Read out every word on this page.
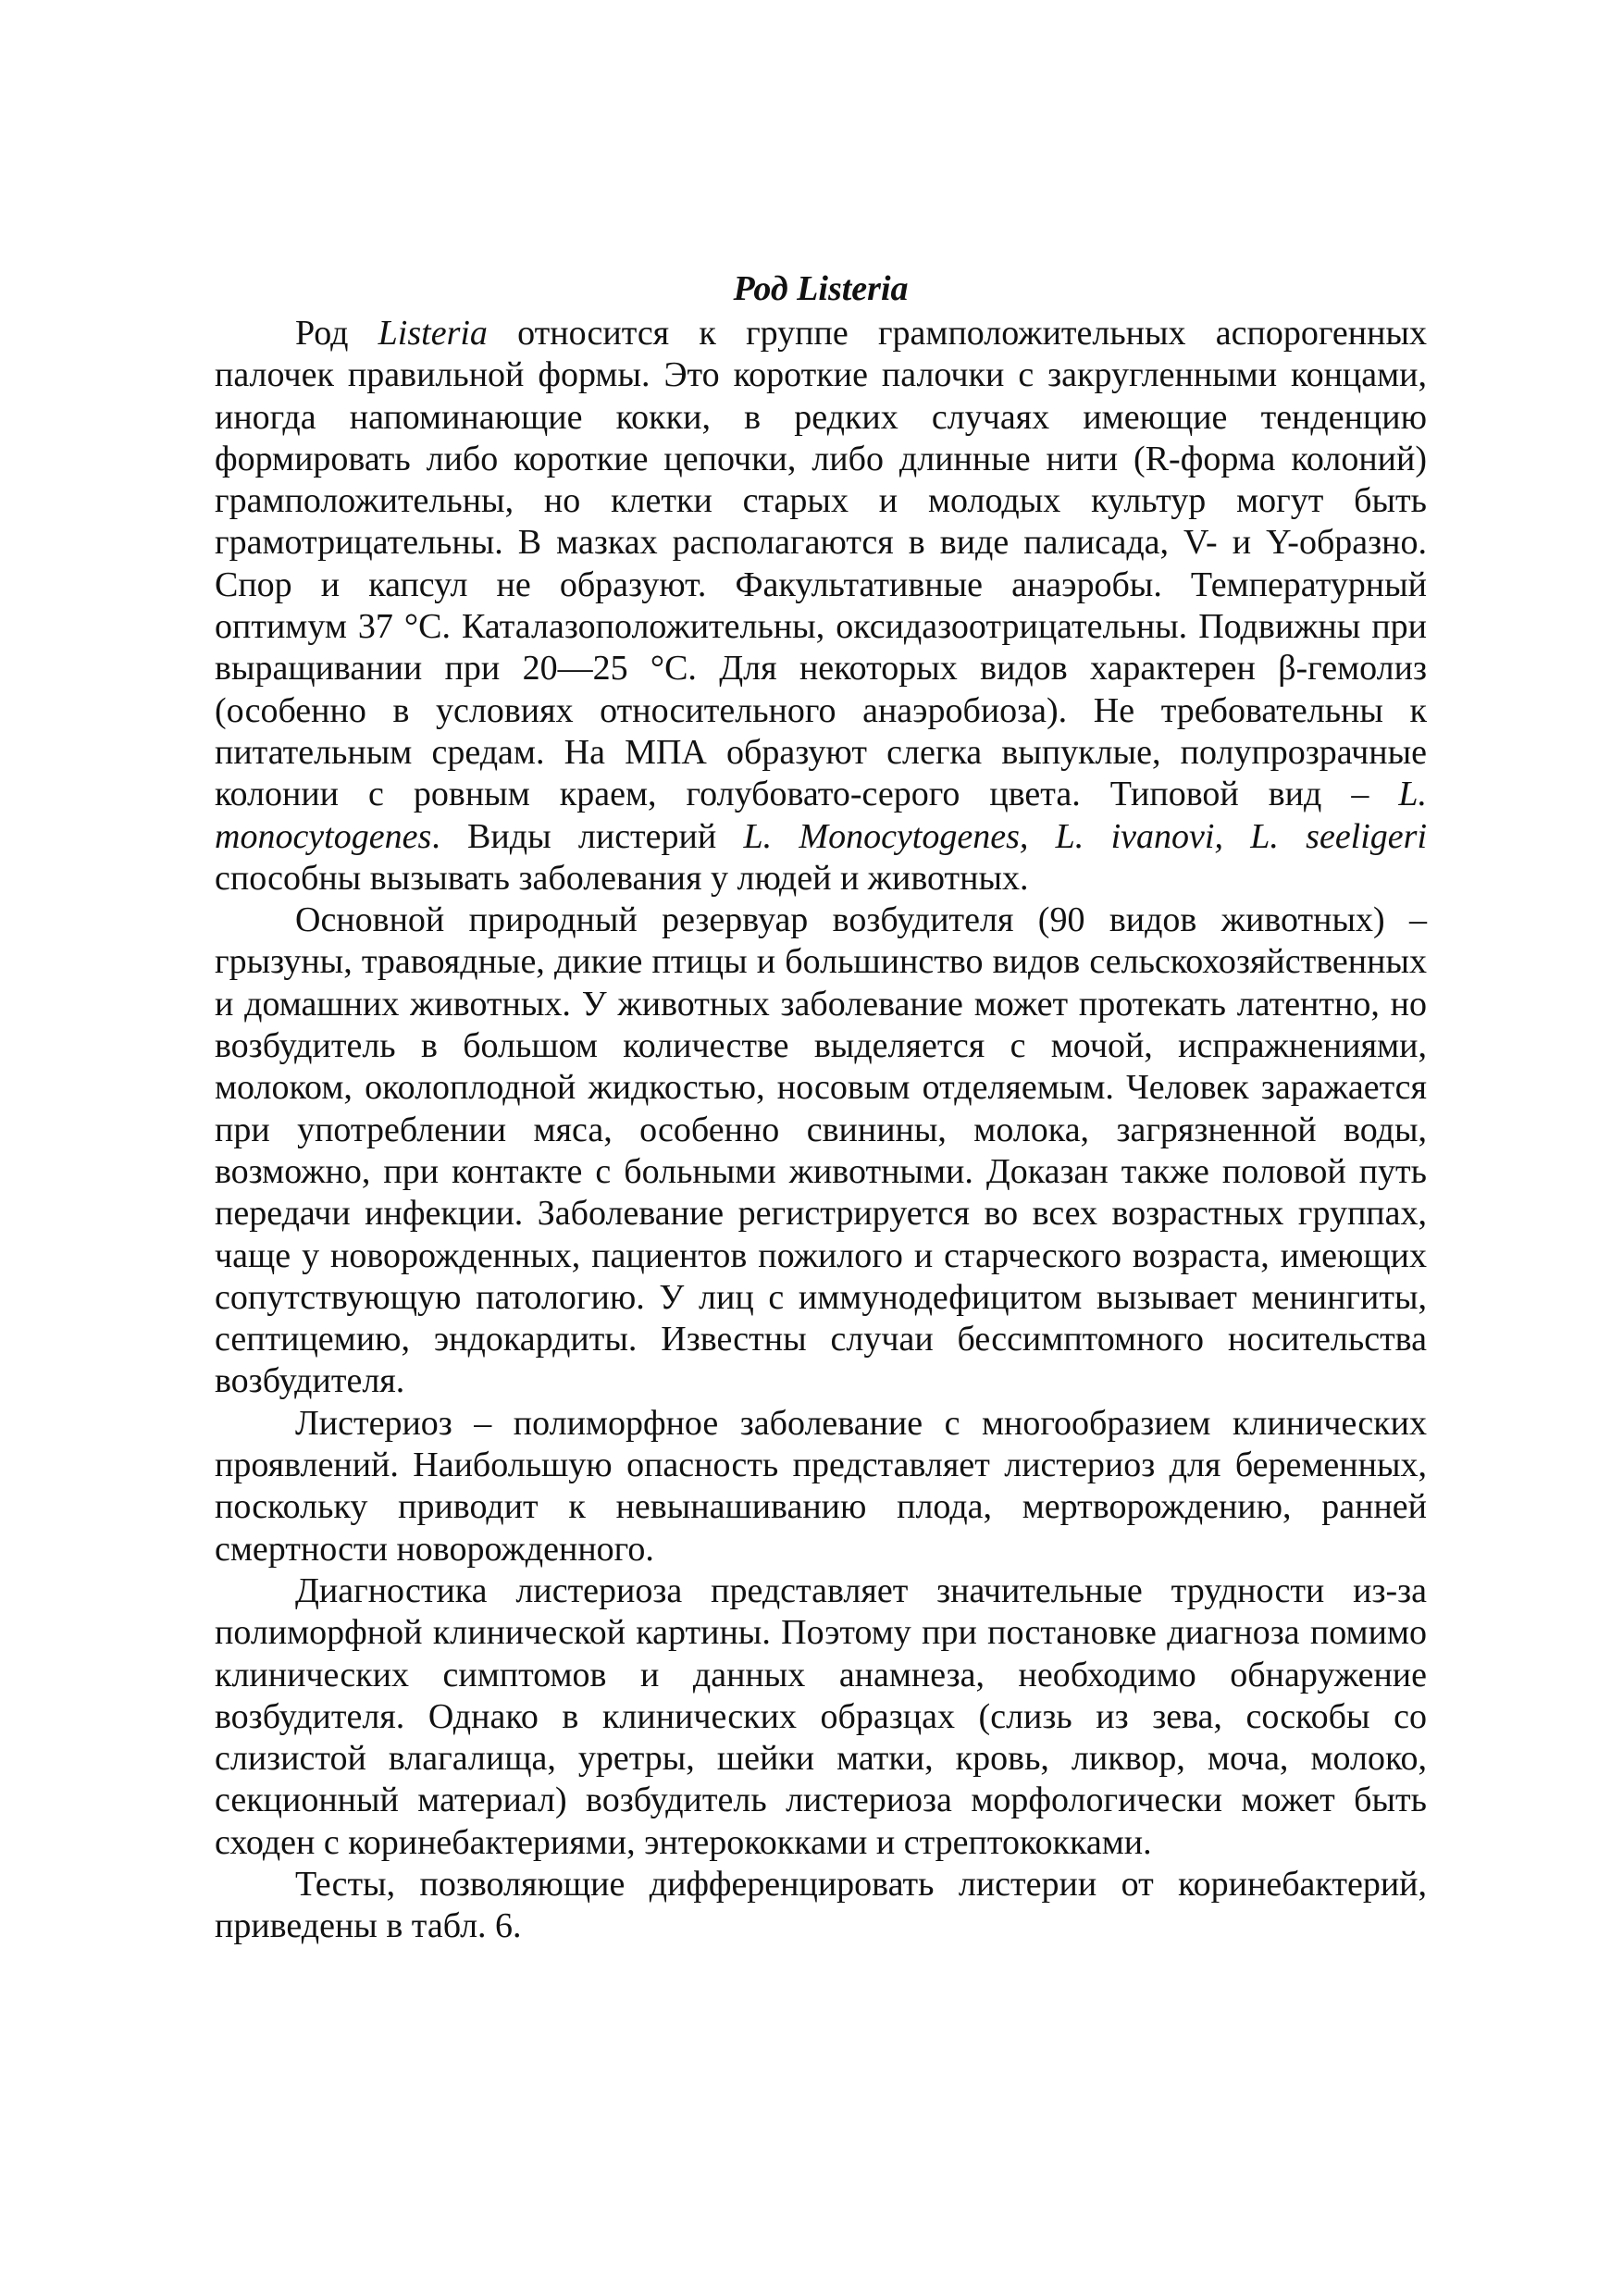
Род Listeria

Род Listeria относится к группе грамположительных аспорогенных палочек правильной формы. Это короткие палочки с закругленными концами, иногда напоминающие кокки, в редких случаях имеющие тенденцию формировать либо короткие цепочки, либо длинные нити (R-форма колоний) грамположительны, но клетки старых и молодых культур могут быть грамотрицательны. В мазках располагаются в виде палисада, V- и Y-образно. Спор и капсул не образуют. Факультативные анаэробы. Температурный оптимум 37 °С. Каталазоположительны, оксидазоотрицательны. Подвижны при выращивании при 20—25 °С. Для некоторых видов характерен β-гемолиз (особенно в условиях относительного анаэробиоза). Не требовательны к питательным средам. На МПА образуют слегка выпуклые, полупрозрачные колонии с ровным краем, голубовато-серого цвета. Типовой вид – L. monocytogenes. Виды листерий L. Monocytogenes, L. ivanovi, L. seeligeri способны вызывать заболевания у людей и животных.

Основной природный резервуар возбудителя (90 видов животных) – грызуны, травоядные, дикие птицы и большинство видов сельскохозяйственных и домашних животных. У животных заболевание может протекать латентно, но возбудитель в большом количестве выделяется с мочой, испражнениями, молоком, околоплодной жидкостью, носовым отделяемым. Человек заражается при употреблении мяса, особенно свинины, молока, загрязненной воды, возможно, при контакте с больными животными. Доказан также половой путь передачи инфекции. Заболевание регистрируется во всех возрастных группах, чаще у новорожденных, пациентов пожилого и старческого возраста, имеющих сопутствующую патологию. У лиц с иммунодефицитом вызывает менингиты, септицемию, эндокардиты. Известны случаи бессимптомного носительства возбудителя.

Листериоз – полиморфное заболевание с многообразием клинических проявлений. Наибольшую опасность представляет листериоз для беременных, поскольку приводит к невынашиванию плода, мертворождению, ранней смертности новорожденного.

Диагностика листериоза представляет значительные трудности из-за полиморфной клинической картины. Поэтому при постановке диагноза помимо клинических симптомов и данных анамнеза, необходимо обнаружение возбудителя. Однако в клинических образцах (слизь из зева, соскобы со слизистой влагалища, уретры, шейки матки, кровь, ликвор, моча, молоко, секционный материал) возбудитель листериоза морфологически может быть сходен с коринебактериями, энтерококками и стрептококками.

Тесты, позволяющие дифференцировать листерии от коринебактерий, приведены в табл. 6.
